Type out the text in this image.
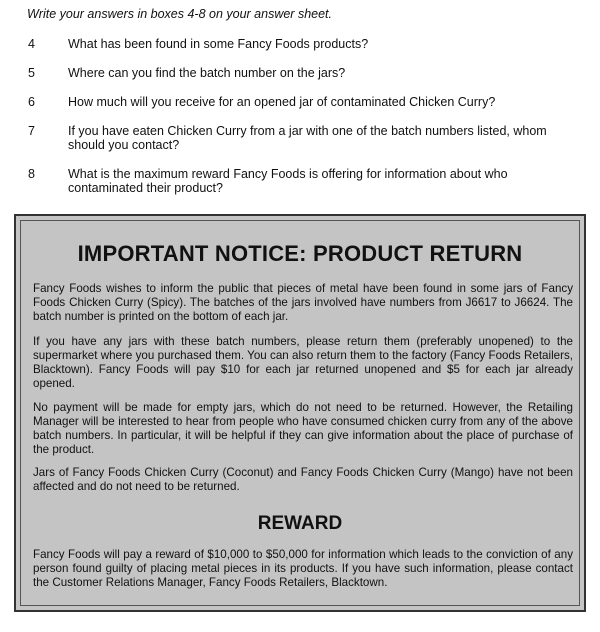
Write your answers in boxes 4-8 on your answer sheet.
4	What has been found in some Fancy Foods products?
5	Where can you find the batch number on the jars?
6	How much will you receive for an opened jar of contaminated Chicken Curry?
7	If you have eaten Chicken Curry from a jar with one of the batch numbers listed, whom should you contact?
8	What is the maximum reward Fancy Foods is offering for information about who contaminated their product?
IMPORTANT NOTICE: PRODUCT RETURN
Fancy Foods wishes to inform the public that pieces of metal have been found in some jars of Fancy Foods Chicken Curry (Spicy). The batches of the jars involved have numbers from J6617 to J6624. The batch number is printed on the bottom of each jar.
If you have any jars with these batch numbers, please return them (preferably unopened) to the supermarket where you purchased them. You can also return them to the factory (Fancy Foods Retailers, Blacktown). Fancy Foods will pay $10 for each jar returned unopened and $5 for each jar already opened.
No payment will be made for empty jars, which do not need to be returned. However, the Retailing Manager will be interested to hear from people who have consumed chicken curry from any of the above batch numbers. In particular, it will be helpful if they can give information about the place of purchase of the product.
Jars of Fancy Foods Chicken Curry (Coconut) and Fancy Foods Chicken Curry (Mango) have not been affected and do not need to be returned.
REWARD
Fancy Foods will pay a reward of $10,000 to $50,000 for information which leads to the conviction of any person found guilty of placing metal pieces in its products. If you have such information, please contact the Customer Relations Manager, Fancy Foods Retailers, Blacktown.
